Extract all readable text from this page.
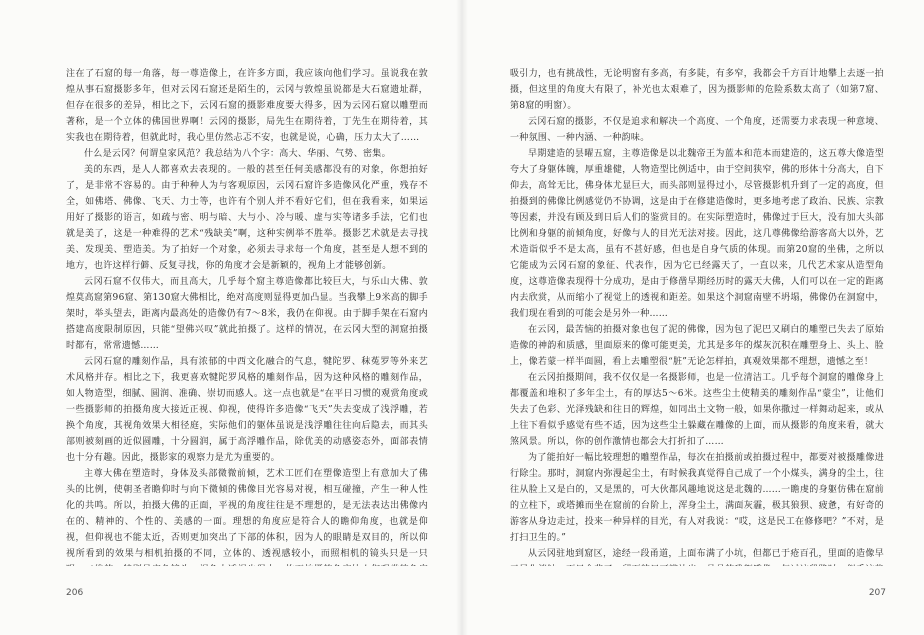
注在了石窟的每一角落，每一尊造像上，在许多方面，我应该向他们学习。虽说我在敦煌从事石窟摄影多年，但对云冈石窟还是陌生的，云冈与敦煌虽说都是大石窟遗址群，但存在很多的差异，相比之下，云冈石窟的摄影难度要大得多，因为云冈石窟以雕塑而著称，是一个立体的佛国世界啊！云冈的摄影，局先生在期待着，丁先生在期待着，其实我也在期待着，但就此时，我心里仿然忐忑不安，也就是说，心确，压力太大了……

什么是云冈？何谓皇家风范？我总结为八个字：高大、华丽、气势、密集。

美的东西，是人人都喜欢去表现的。一般的甚至任何美感都没有的对象，你想拍好了，是非常不容易的。由于种种人为与客观原因，云冈石窟许多造像风化严重，残存不全，如佛塔、佛像、飞天、力士等，也许有个别人并不看好它们，但在我看来，如果运用好了摄影的语言，如疏与密、明与暗、大与小、冷与暖、虚与实等诸多手法，它们也就是美了，这是一种难得的艺术“残缺美”啊，这种实例举不胜举。摄影艺术就是去寻找美、发现美、塑造美。为了拍好一个对象，必须去寻求每一个角度，甚至是人想不到的地方，也许这样行僻、反复寻找，你的角度才会是新颖的，视角上才能够创新。

云冈石窟不仅伟大，而且高大，几乎每个窟主尊造像都比较巨大，与乐山大佛、敦煌莫高窟第96窟、第130窟大佛相比，绝对高度则显得更加凸显。当我攀上9米高的脚手架时，举头望去，距离内最高处的造像仍有7～8米，我仍在仰视。由于脚手架在石窟内搭建高度限制原因，只能“望佛兴叹”就此拍摄了。这样的情况，在云冈大型的洞窟拍摄时都有，常常遗憾……

云冈石窟的雕刻作品，具有浓郁的中西文化融合的气息，犍陀罗、秣菟罗等外来艺术风格并存。相比之下，我更喜欢犍陀罗风格的雕刻作品，因为这种风格的雕刻作品，如人物造型，细腻、圆润、准确、崇切而感人。这一点也就是“在平日习惯的观赏角度或一些摄影师的拍摄角度大接近正视、仰视，使得许多造像“飞天”失去变成了浅浮雕，若换个角度，其视角效果大相径庭，实际他们的躯体虽说是浅浮雕往往向后隐去，而其头部则被刻画的近似圆雕，十分圆润，属于高浮雕作品，除优美的动感姿态外，面部表情也十分有趣。因此，摄影家的观察力是尤为重要的。

主尊大佛在塑造时，身体及头部微微前倾，艺术工匠们在塑像造型上有意加大了佛头的比例，使朝圣者瞻仰时与向下微倾的佛像目光容易对视，相互碰撞，产生一种人性化的共鸣。所以，拍摄大佛的正面，平视的角度往往是不理想的，是无法表达出佛像内在的、精神的、个性的、美感的一面。理想的角度应是符合人的瞻仰角度，也就是仰视，但仰视也不能太近，否则更加突出了下部的体积，因为人的眼睛是双目的，所以仰视所看到的效果与相机拍摄的不同，立体的、透视感较小，而照相机的镜头只是一只

206

吸引力，也有挑战性，无论明窗有多高，有多陡，有多窄，我都会千方百计地攀上去逐一拍摄，但这里的角度大有限了，补光也太艰难了，因为摄影师的危险系数太高了（如第7窟、第8窟的明窗）。

云冈石窟的摄影，不仅是追求和解决一个高度、一个角度，还需要力求表现一种意境、一种氛围、一种内涵、一种韵味。

早期建造的昙曜五窟，主尊造像是以北魏帝王为蓝本和范本而建造的，这五尊大像造型夸大了身躯体魄，厚重雄健，人物造型比例适中，由于空间狭窄，佛的形体十分高大，自下仰去，高耸无比，佛身体尤显巨大，而头部则显得过小，尽管摄影机升到了一定的高度，但拍摄到的佛像比例感觉仍不协调，这是由于在修建造像时，更多地考虑了政治、民族、宗教等因素，并没有顾及到日后人们的鉴赏目的。在实际塑造时，佛像过于巨大，没有加大头部比例和身躯的前倾角度，好像与人的目光无法对接。因此，这几尊佛像给游客高大以外，艺术造诣似乎不是太高，虽有不甚好感，但也是自身气质的体现。而第20窟的坐佛，之所以它能成为云冈石窟的象征、代表作，因为它已经露天了，一直以来，几代艺术家从造型角度，这尊造像表现得十分成功，是由于修凿早期经历时的露天大佛，人们可以在一定的距离内去欣赏，从而缩小了视觉上的透视和距差。如果这个洞窟南壁不坍塌，佛像仍在洞窟中，我们现在看到的可能会是另外一种……

在云冈，最苦恼的拍摄对象也包了泥的佛像，因为包了泥巴又刷白的雕塑已失去了原始造像的神韵和质感，里面原来的像可能更美，尤其是多年的煤灰沉积在雕塑身上、头上、脸上，像若蒙一样半面圆，看上去雕塑很“脏”无论怎样拍，真观效果都不理想，遗憾之至！

在云冈拍摄期间，我不仅仅是一名摄影师，也是一位清洁工。几乎每个洞窟的雕像身上都覆盖和堆积了多年尘土，有的厚达5～6米。这些尘土使精美的雕刻作品“蒙尘”，让他们失去了色彩、光泽残缺和往日的辉煌，如同出土文物一般，如果你撒过一样舞动起来，或从上往下看似乎感觉有些不适，因为这些尘土躲藏在雕像的上面，而从摄影的角度来看，就大煞风景。所以，你的创作激情也都会大打折扣了……

为了能拍好一幅比较理想的雕塑作品，每次在拍摄前或拍摄过程中，都要对被摄雕像进行除尘。那时，洞窟内弥漫起尘土，有时候我真觉得自己成了一个小煤头，满身的尘土，往往从脸上又是白的，又是黑的，可大伙都风趣地说这是北魏的……一瞻虔的身躯仿佛在窟前的立柱下，或塔摊而坐在窟前的台阶上，浑身尘土，满面灰霾，极其狼狈、疲惫，有好奇的游客从身边走过，投来一种异样的目光，有人对我说：“哎，这是民工在修修吧？”不对，是打扫卫生的。”

从云冈驻地到窟区，途经一段甬道，上面布满了小坑，但都已于疮百孔，里面的造像早

207
